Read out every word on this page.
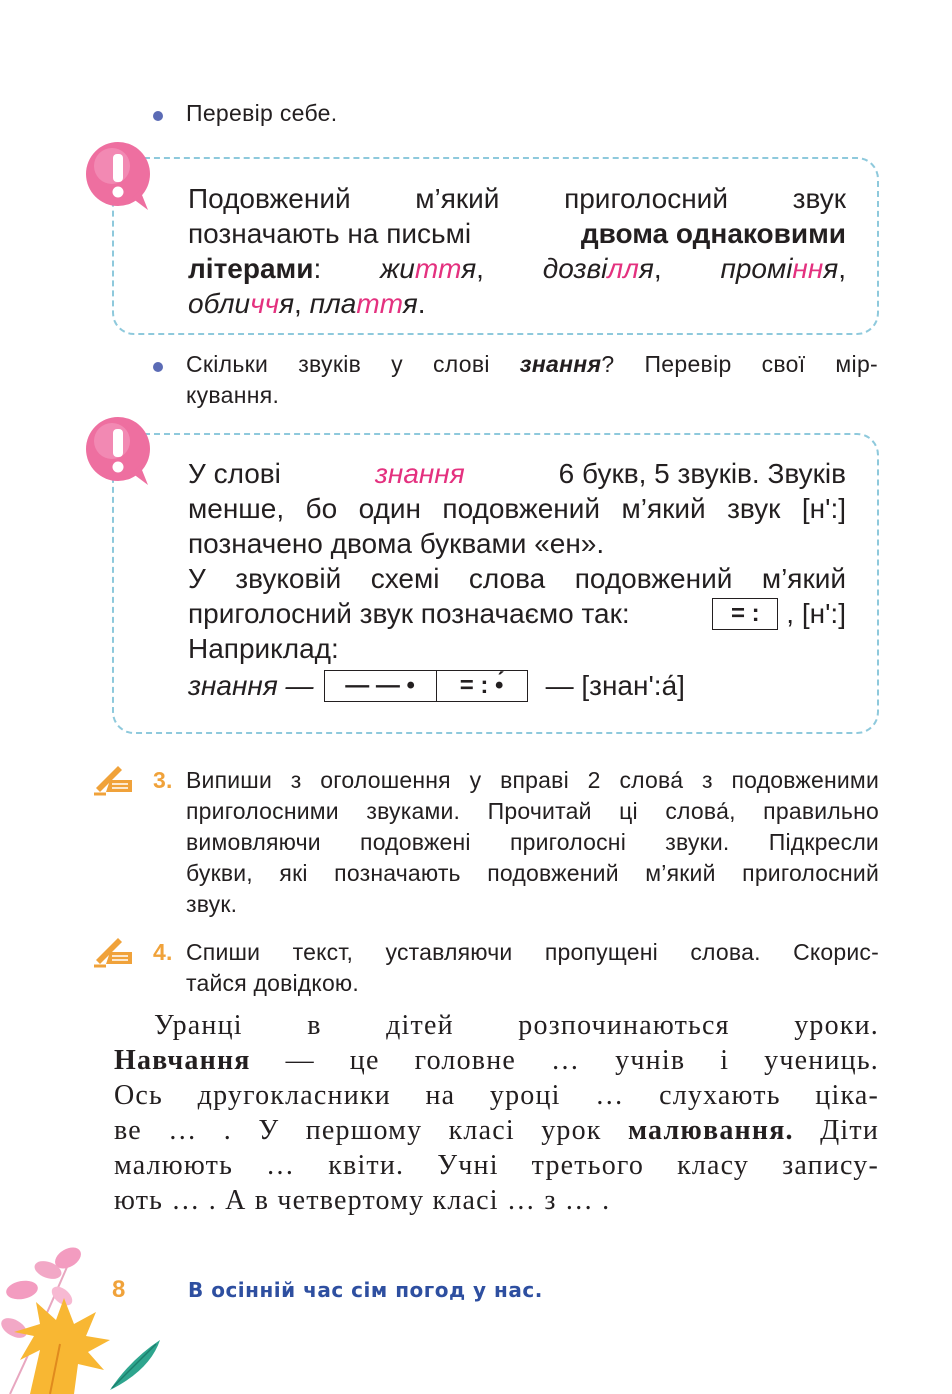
Перевір себе.
Подовжений м’який приголосний звук
позначають на письмі	двома однаковими
літерами: життя, дозвілля, проміння,
обличчя, плаття.
Скільки звуків у слові знання? Перевір свої мір-
кування.
У слові	знання	6 букв, 5 звуків. Звуків
менше, бо один подовжений м’який звук [н':]
позначено двома буквами «ен».
У звуковій схемі слова подовжений м’який
приголосний звук позначаємо так:	= : , [н':]
Наприклад:
знання —	— — •	= : •́	— [знан':а́]
3. Випиши з оголошення у вправі 2 слова́ з подовженими
приголосними звуками. Прочитай ці слова́, правильно
вимовляючи подовжені приголосні звуки. Підкресли
букви, які позначають подовжений м’який приголосний
звук.
4. Спиши текст, уставляючи пропущені слова. Скорис-
тайся довідкою.
Уранці в дітей розпочинаються уроки.
Навчання — це головне … учнів і учениць.
Ось другокласники на уроці … слухають ціка-
ве … . У першому класі урок малювання. Діти
малюють … квіти. Учні третього класу запису-
ють … . А в четвертому класі … з … .
8	В осінній час сім погод у нас.
